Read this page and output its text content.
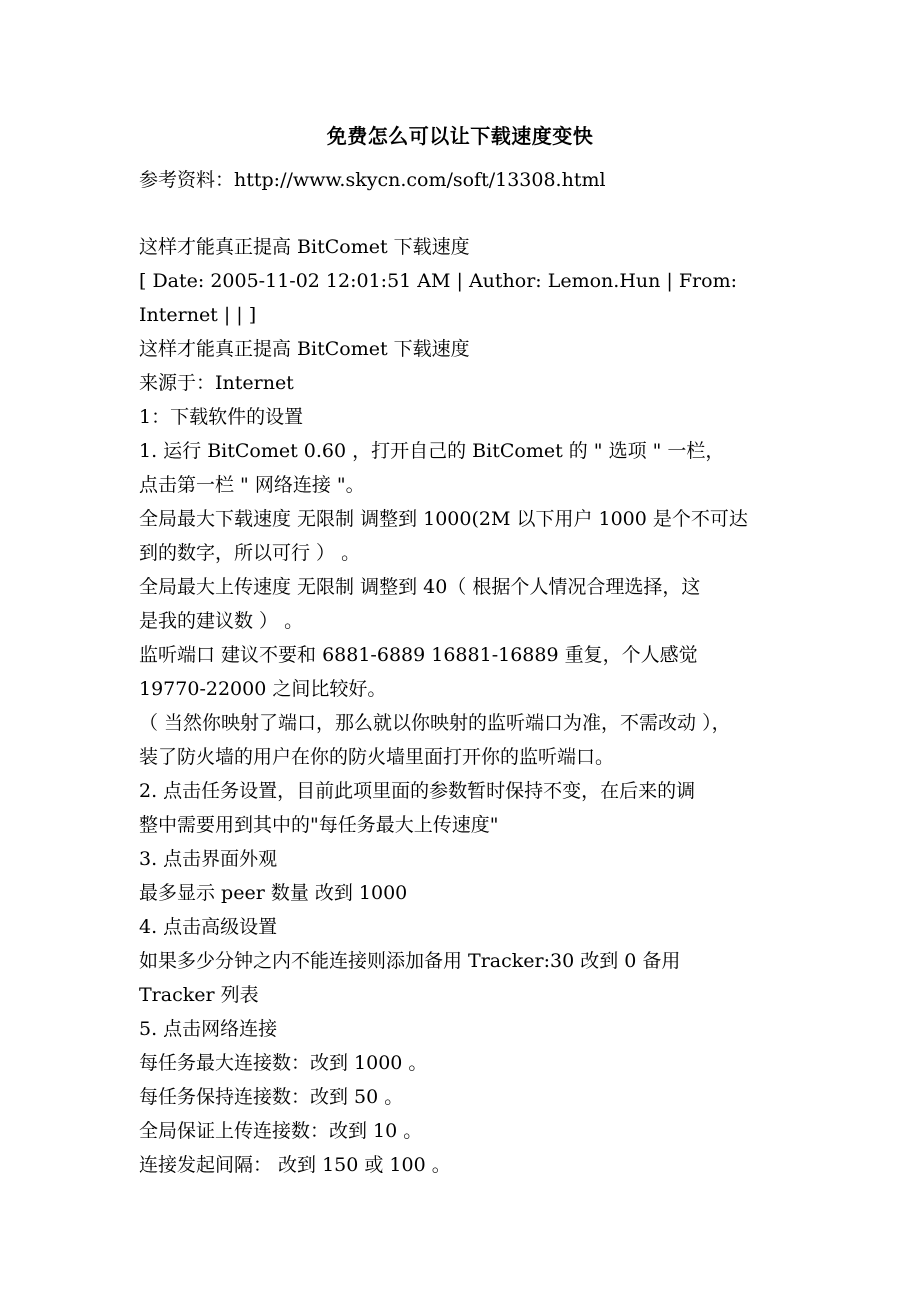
免费怎么可以让下载速度变快
参考资料：http://www.skycn.com/soft/13308.html
这样才能真正提高 BitComet 下载速度
[ Date: 2005-11-02 12:01:51 AM | Author: Lemon.Hun | From:
Internet | | ]
这样才能真正提高 BitComet 下载速度
来源于：Internet
1：下载软件的设置
1. 运行 BitComet 0.60 ，打开自己的 BitComet 的 " 选项 " 一栏，
点击第一栏 " 网络连接 "。
全局最大下载速度 无限制 调整到 1000(2M 以下用户 1000 是个不可达
到的数字，所以可行 ） 。
全局最大上传速度 无限制 调整到 40（ 根据个人情况合理选择，这
是我的建议数 ） 。
监听端口 建议不要和 6881-6889 16881-16889 重复，个人感觉
19770-22000 之间比较好。
（ 当然你映射了端口，那么就以你映射的监听端口为准，不需改动 ），
装了防火墙的用户在你的防火墙里面打开你的监听端口。
2. 点击任务设置，目前此项里面的参数暂时保持不变，在后来的调
整中需要用到其中的"每任务最大上传速度"
3. 点击界面外观
最多显示 peer 数量 改到 1000
4. 点击高级设置
如果多少分钟之内不能连接则添加备用 Tracker:30 改到 0 备用
Tracker 列表
5. 点击网络连接
每任务最大连接数：改到 1000 。
每任务保持连接数：改到 50 。
全局保证上传连接数：改到 10 。
连接发起间隔： 改到 150 或 100 。
